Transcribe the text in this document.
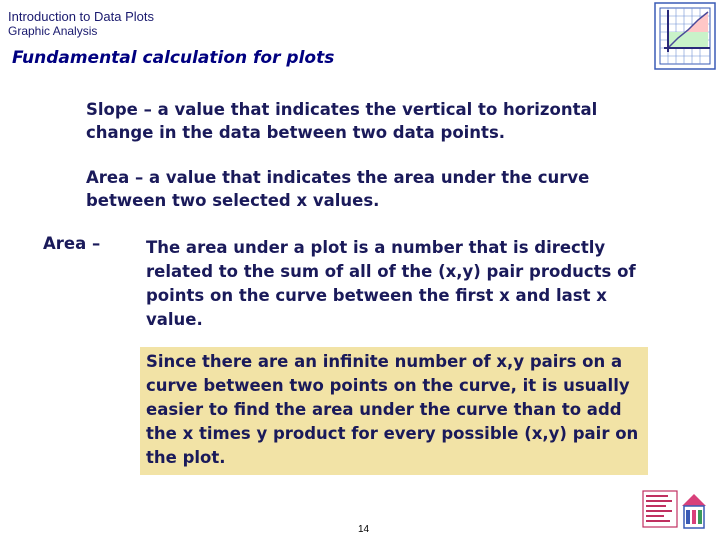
Introduction to Data Plots
Graphic Analysis
Fundamental calculation for plots
Slope – a value that indicates the vertical to horizontal change in the data between two data points.
Area – a value that indicates the area under the curve between two selected x values.
Area –	The area under a plot is a number that is directly related to the sum of all of the (x,y) pair products of points on the curve between the first x and last x value.
Since there are an infinite number of x,y pairs on a curve between two points on the curve, it is usually easier to find the area under the curve than to add the x times y product for every possible (x,y) pair on the plot.
14
